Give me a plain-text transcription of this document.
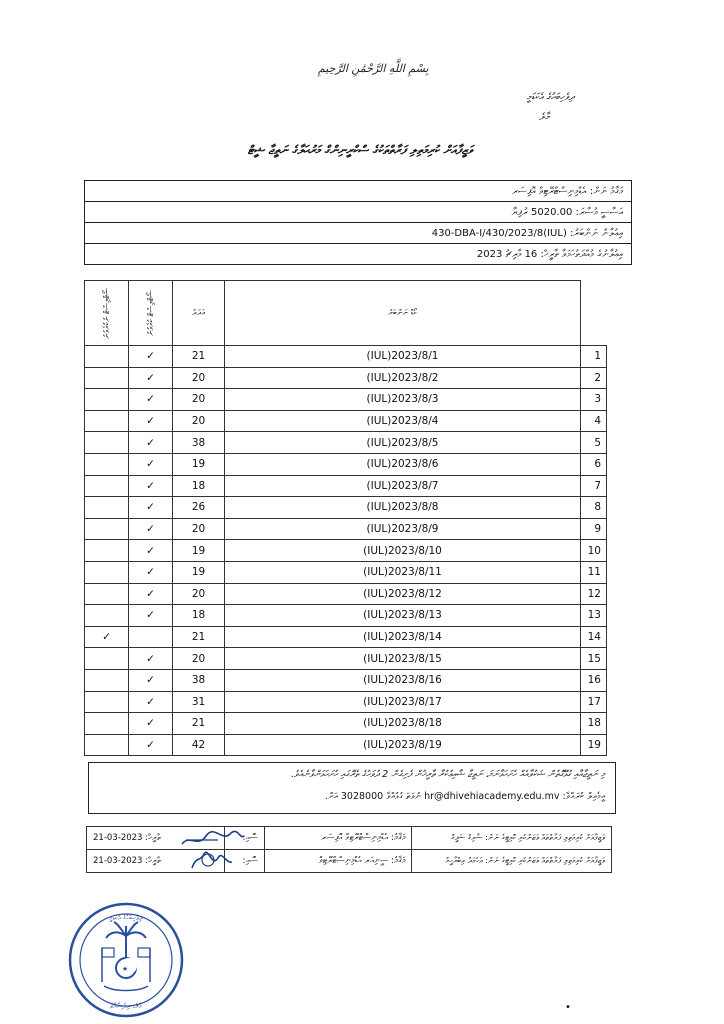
بِسْمِ اللَّهِ الرَّحْمَٰنِ الرَّحِيمِ
ދިވެހިބަހުގެ އެކަޑަމީ
މާލެ
ވަޒީފާއަށް ކުރިމަތިލި ފަރާތްތަކުގެ ސްކްރީނިންގް މަރުޙަލާގެ ނަތީޖާ ޝީޓް
މަޤާމު ނަން: އެޑްމިނިސްޓްރޭޓިވް އޮފިސަރ
އަސާސީ މުސާރަ: 5020.00 ރުފިޔާ
އިޢުލާން ނަންބަރު: (IUL)430-DBA-I/430/2023/8
އިޢުލާނުގެ މުއްދަތުހަމަވާ ތާރީޚް: 16 މާރިޗު 2023
ޝޯޓްލިސްޓް ނުކުރެވުނު	ޝޯޓްލިސްޓް ކުރެވުނު	އަދަދު	ކޯޑް ނަންބަރު	
	✓	21	(IUL)2023/8/1	1
	✓	20	(IUL)2023/8/2	2
	✓	20	(IUL)2023/8/3	3
	✓	20	(IUL)2023/8/4	4
	✓	38	(IUL)2023/8/5	5
	✓	19	(IUL)2023/8/6	6
	✓	18	(IUL)2023/8/7	7
	✓	26	(IUL)2023/8/8	8
	✓	20	(IUL)2023/8/9	9
	✓	19	(IUL)2023/8/10	10
	✓	19	(IUL)2023/8/11	11
	✓	20	(IUL)2023/8/12	12
	✓	18	(IUL)2023/8/13	13
✓		21	(IUL)2023/8/14	14
	✓	20	(IUL)2023/8/15	15
	✓	38	(IUL)2023/8/16	16
	✓	31	(IUL)2023/8/17	17
	✓	21	(IUL)2023/8/18	18
	✓	42	(IUL)2023/8/19	19
މި ނަތީޖާއާއި ގުޅޭގޮތުން ޝަކުވާއެއް ހުށަހަޅާނަމަ، ނަތީޖާ ޝާއިޢުކުރާ ތާރީޚުން ފެށިގެން 2 ދުވަހުގެ ތެރޭގައި ހުށަހަޅަންވާނެއެވެ.
އީމެއިލް ކުރައްވާ: hr@dhivehiacademy.edu.mv ނުވަތަ ގުޅުއްވާ 3028000 އަށް.
ތާރީޚް: 2023-03-21	ސޮއި:	މަޤާމު: އެޑްމިނިސްޓްރޭޓިވް އޮފިސަރ	ވަޒީފާއަށް ކުރިމަތިލި ފަރާތްތައް ވަޒަންކުރި ކޮމިޓީގެ ނަން: ޝާރިޤް ޝަފީޤް
ތާރީޚް: 2023-03-21	ސޮއި:	މަޤާމު: ސީނިއަރ އެޑްމިނިސްޓްރޭޓިވް	ވަޒީފާއަށް ކުރިމަތިލި ފަރާތްތައް ވަޒަންކުރި ކޮމިޓީގެ ނަން: އަހުމަދު އިބްރާހީމް
ދިވެހިބަހުގެ އެކަޑަމީ
މާލެ، ދިވެހިރާއްޖެ
★
•
